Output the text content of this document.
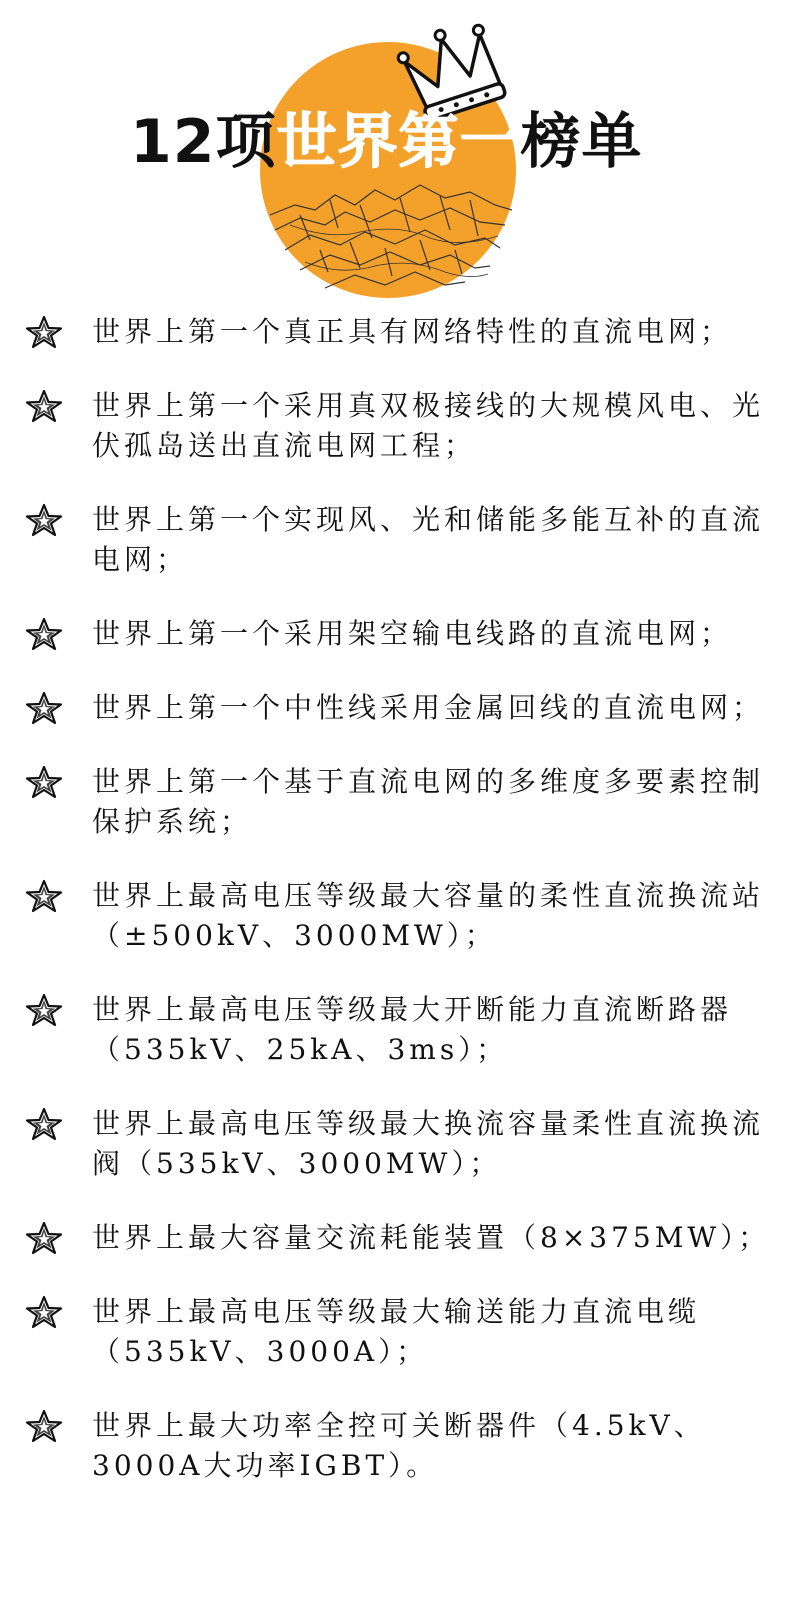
12项世界第一榜单
世界上第一个真正具有网络特性的直流电网；
世界上第一个采用真双极接线的大规模风电、光伏孤岛送出直流电网工程；
世界上第一个实现风、光和储能多能互补的直流电网；
世界上第一个采用架空输电线路的直流电网；
世界上第一个中性线采用金属回线的直流电网；
世界上第一个基于直流电网的多维度多要素控制保护系统；
世界上最高电压等级最大容量的柔性直流换流站（±500kV、3000MW）；
世界上最高电压等级最大开断能力直流断路器（535kV、25kA、3ms）；
世界上最高电压等级最大换流容量柔性直流换流阀（535kV、3000MW）；
世界上最大容量交流耗能装置（8×375MW）；
世界上最高电压等级最大输送能力直流电缆（535kV、3000A）；
世界上最大功率全控可关断器件（4.5kV、3000A大功率IGBT）。
